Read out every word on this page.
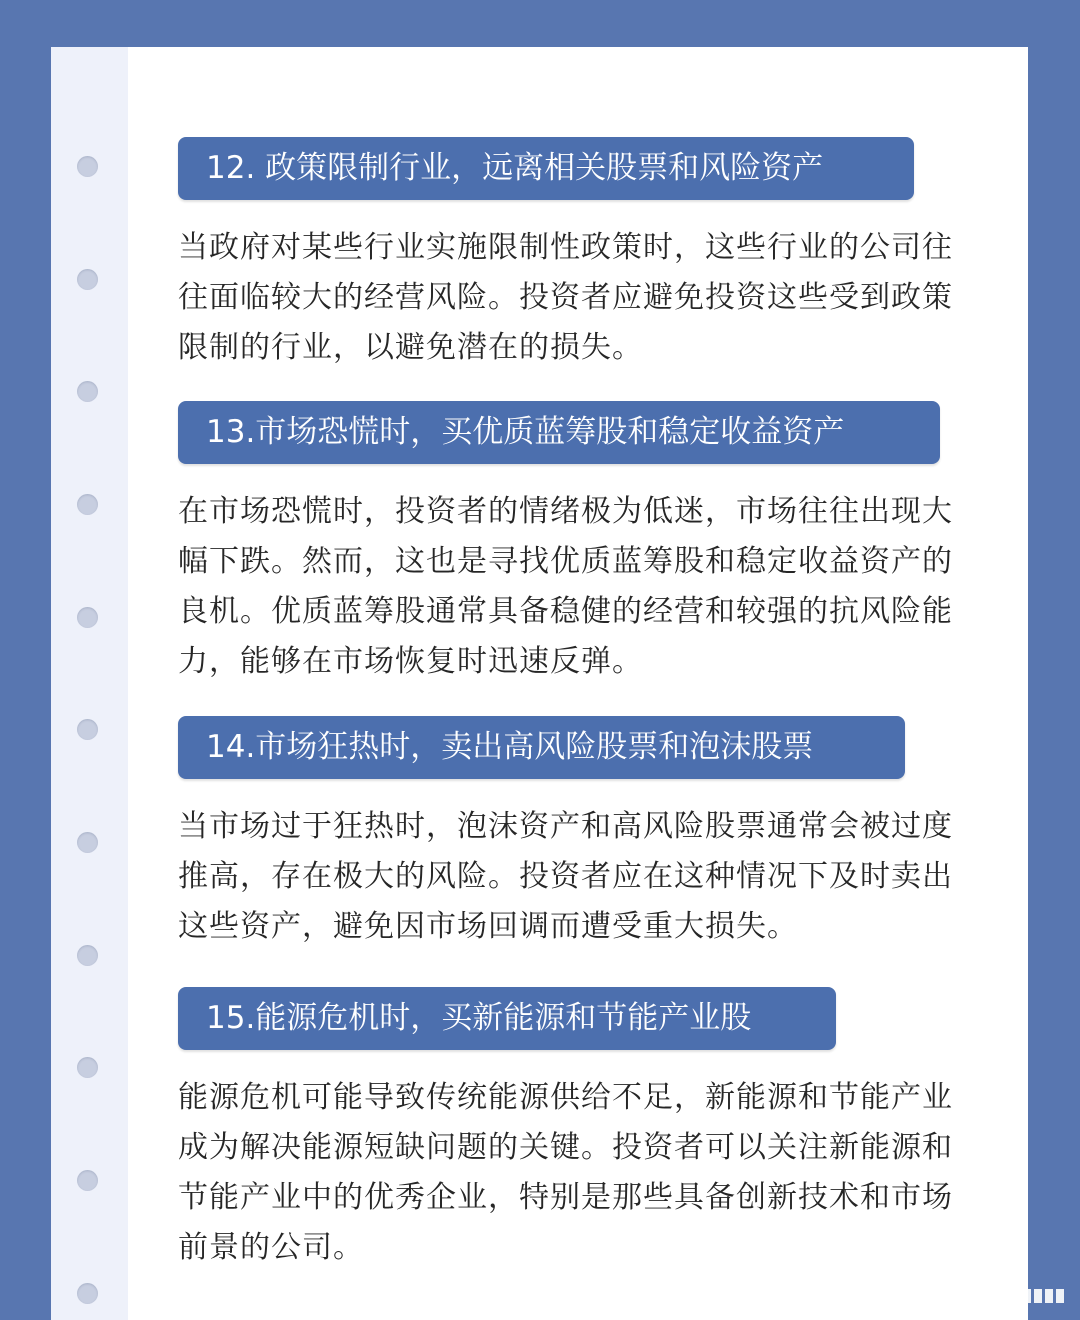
12. 政策限制行业，远离相关股票和风险资产
当政府对某些行业实施限制性政策时，这些行业的公司往往面临较大的经营风险。投资者应避免投资这些受到政策限制的行业，以避免潜在的损失。
13.市场恐慌时，买优质蓝筹股和稳定收益资产
在市场恐慌时，投资者的情绪极为低迷，市场往往出现大幅下跌。然而，这也是寻找优质蓝筹股和稳定收益资产的良机。优质蓝筹股通常具备稳健的经营和较强的抗风险能力，能够在市场恢复时迅速反弹。
14.市场狂热时，卖出高风险股票和泡沫股票
当市场过于狂热时，泡沫资产和高风险股票通常会被过度推高，存在极大的风险。投资者应在这种情况下及时卖出这些资产，避免因市场回调而遭受重大损失。
15.能源危机时，买新能源和节能产业股
能源危机可能导致传统能源供给不足，新能源和节能产业成为解决能源短缺问题的关键。投资者可以关注新能源和节能产业中的优秀企业，特别是那些具备创新技术和市场前景的公司。
